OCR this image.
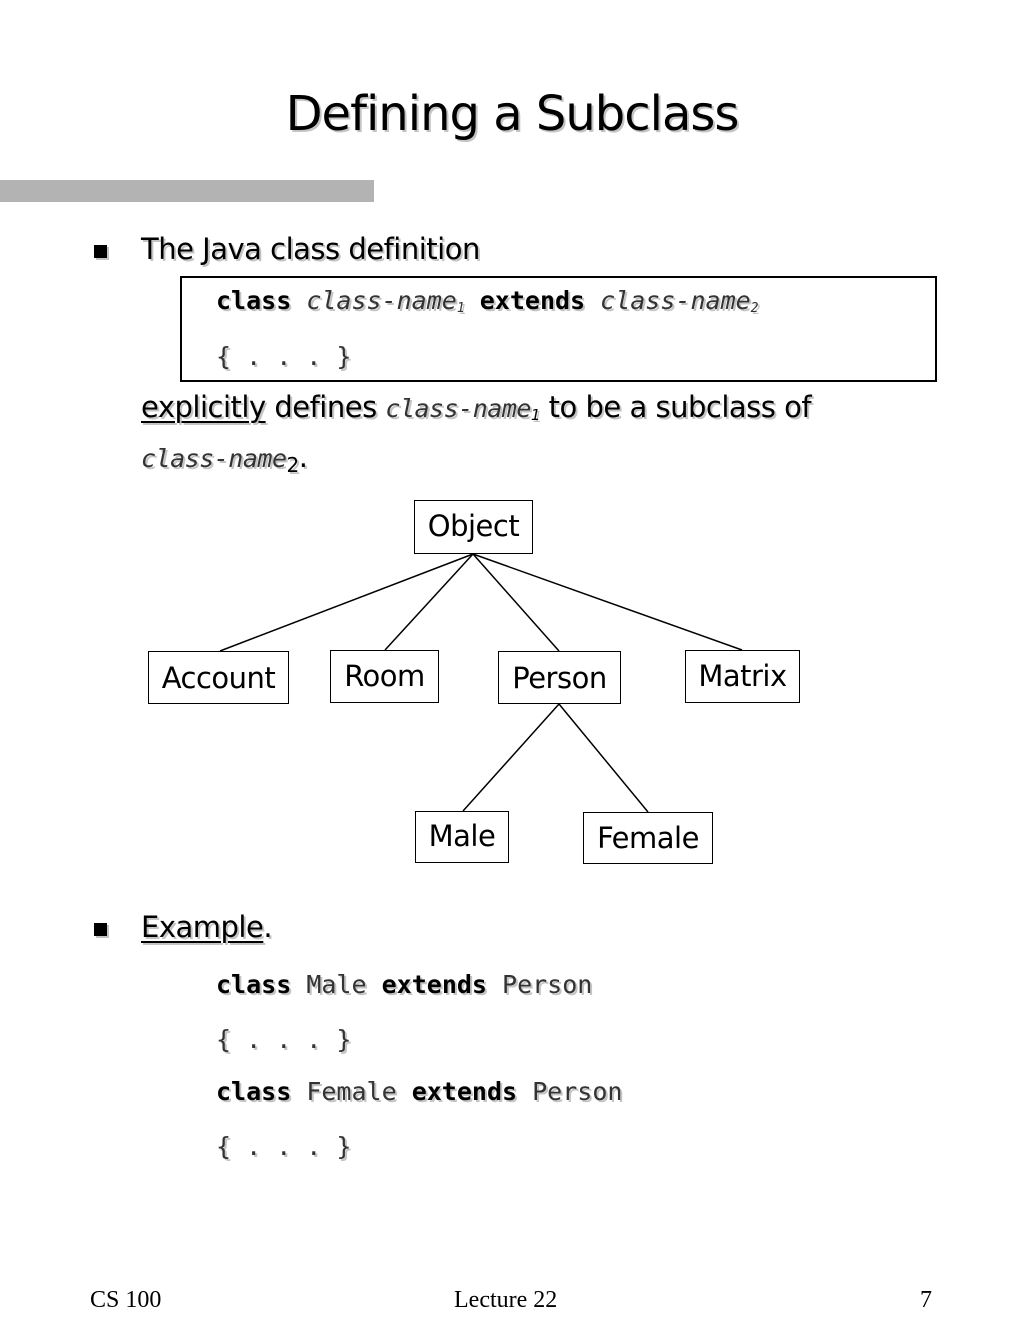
Defining a Subclass
The Java class definition
class class-name$_1$ extends class-name$_2$
{ . . . }
explicitly defines class-name$_1$ to be a subclass of
class-name2.
Object
Account	Room	Person	Matrix
Male	Female
Example.
class Male extends Person
{ . . . }
class Female extends Person
{ . . . }
CS 100	Lecture 22	7
